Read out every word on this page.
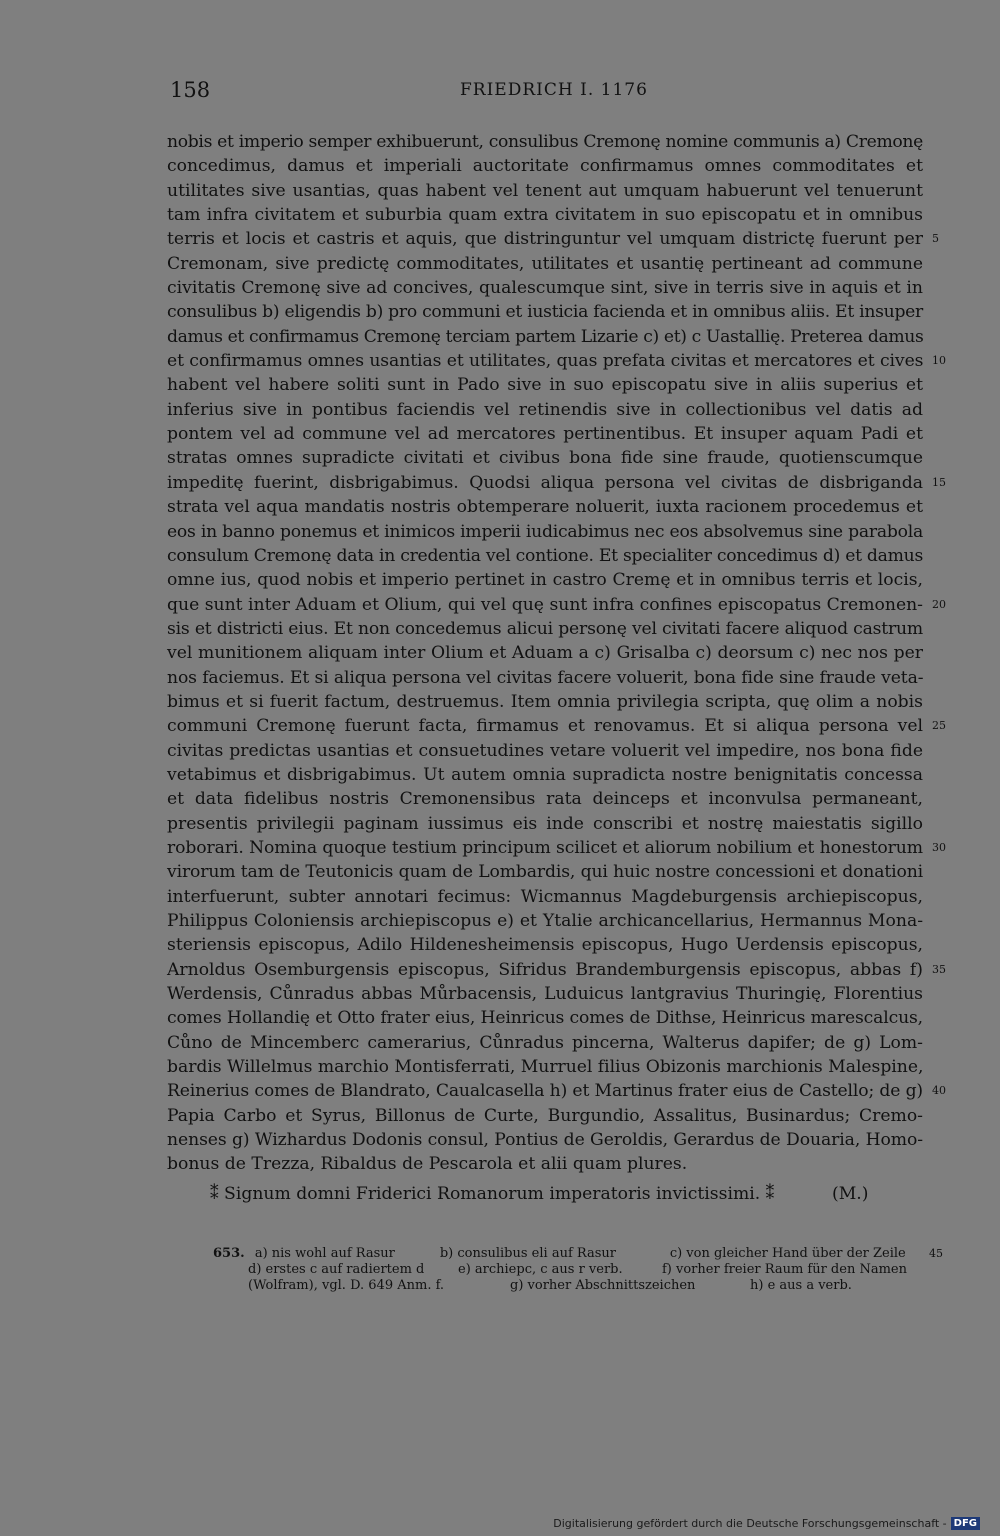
158	FRIEDRICH I. 1176
nobis et imperio semper exhibuerunt, consulibus Cremonę nomine communis a) Cremonę
concedimus, damus et imperiali auctoritate confirmamus omnes commoditates et
utilitates sive usantias, quas habent vel tenent aut umquam habuerunt vel tenuerunt
tam infra civitatem et suburbia quam extra civitatem in suo episcopatu et in omnibus
terris et locis et castris et aquis, que distringuntur vel umquam districtę fuerunt per 5
Cremonam, sive predictę commoditates, utilitates et usantię pertineant ad commune
civitatis Cremonę sive ad concives, qualescumque sint, sive in terris sive in aquis et in
consulibus b) eligendis b) pro communi et iusticia facienda et in omnibus aliis. Et insuper
damus et confirmamus Cremonę terciam partem Lizarie c) et) c Uastallię. Preterea damus
et confirmamus omnes usantias et utilitates, quas prefata civitas et mercatores et cives 10
habent vel habere soliti sunt in Pado sive in suo episcopatu sive in aliis superius et
inferius sive in pontibus faciendis vel retinendis sive in collectionibus vel datis ad
pontem vel ad commune vel ad mercatores pertinentibus. Et insuper aquam Padi et
stratas omnes supradicte civitati et civibus bona fide sine fraude, quotienscumque
impeditę fuerint, disbrigabimus. Quodsi aliqua persona vel civitas de disbriganda 15
strata vel aqua mandatis nostris obtemperare noluerit, iuxta racionem procedemus et
eos in banno ponemus et inimicos imperii iudicabimus nec eos absolvemus sine parabola
consulum Cremonę data in credentia vel contione. Et specialiter concedimus d) et damus
omne ius, quod nobis et imperio pertinet in castro Cremę et in omnibus terris et locis,
que sunt inter Aduam et Olium, qui vel quę sunt infra confines episcopatus Cremonen- 20
sis et districti eius. Et non concedemus alicui personę vel civitati facere aliquod castrum
vel munitionem aliquam inter Olium et Aduam a c) Grisalba c) deorsum c) nec nos per
nos faciemus. Et si aliqua persona vel civitas facere voluerit, bona fide sine fraude veta-
bimus et si fuerit factum, destruemus. Item omnia privilegia scripta, quę olim a nobis
communi Cremonę fuerunt facta, firmamus et renovamus. Et si aliqua persona vel 25
civitas predictas usantias et consuetudines vetare voluerit vel impedire, nos bona fide
vetabimus et disbrigabimus. Ut autem omnia supradicta nostre benignitatis concessa
et data fidelibus nostris Cremonensibus rata deinceps et inconvulsa permaneant,
presentis privilegii paginam iussimus eis inde conscribi et nostrę maiestatis sigillo
roborari. Nomina quoque testium principum scilicet et aliorum nobilium et honestorum 30
virorum tam de Teutonicis quam de Lombardis, qui huic nostre concessioni et donationi
interfuerunt, subter annotari fecimus: Wicmannus Magdeburgensis archiepiscopus,
Philippus Coloniensis archiepiscopus e) et Ytalie archicancellarius, Hermannus Mona-
steriensis episcopus, Adilo Hildenesheimensis episcopus, Hugo Uerdensis episcopus,
Arnoldus Osemburgensis episcopus, Sifridus Brandemburgensis episcopus, abbas f) 35
Werdensis, Cůnradus abbas Můrbacensis, Luduicus lantgravius Thuringię, Florentius
comes Hollandię et Otto frater eius, Heinricus comes de Dithse, Heinricus marescalcus,
Cůno de Mincemberc camerarius, Cůnradus pincerna, Walterus dapifer; de g) Lom-
bardis Willelmus marchio Montisferrati, Murruel filius Obizonis marchionis Malespine,
Reinerius comes de Blandrato, Caualcasella h) et Martinus frater eius de Castello; de g) 40
Papia Carbo et Syrus, Billonus de Curte, Burgundio, Assalitus, Businardus; Cremo-
nenses g) Wizhardus Dodonis consul, Pontius de Geroldis, Gerardus de Douaria, Homo-
bonus de Trezza, Ribaldus de Pescarola et alii quam plures.
⁑ Signum domni Friderici Romanorum imperatoris invictissimi. ⁑	(M.)
653. a) nis wohl auf Rasur	b) consulibus eli auf Rasur	c) von gleicher Hand über der Zeile 45
d) erstes c auf radiertem d	e) archiepc, c aus r verb.	f) vorher freier Raum für den Namen
(Wolfram), vgl. D. 649 Anm. f.	g) vorher Abschnittszeichen	h) e aus a verb.
Digitalisierung gefördert durch die Deutsche Forschungsgemeinschaft - DFG
